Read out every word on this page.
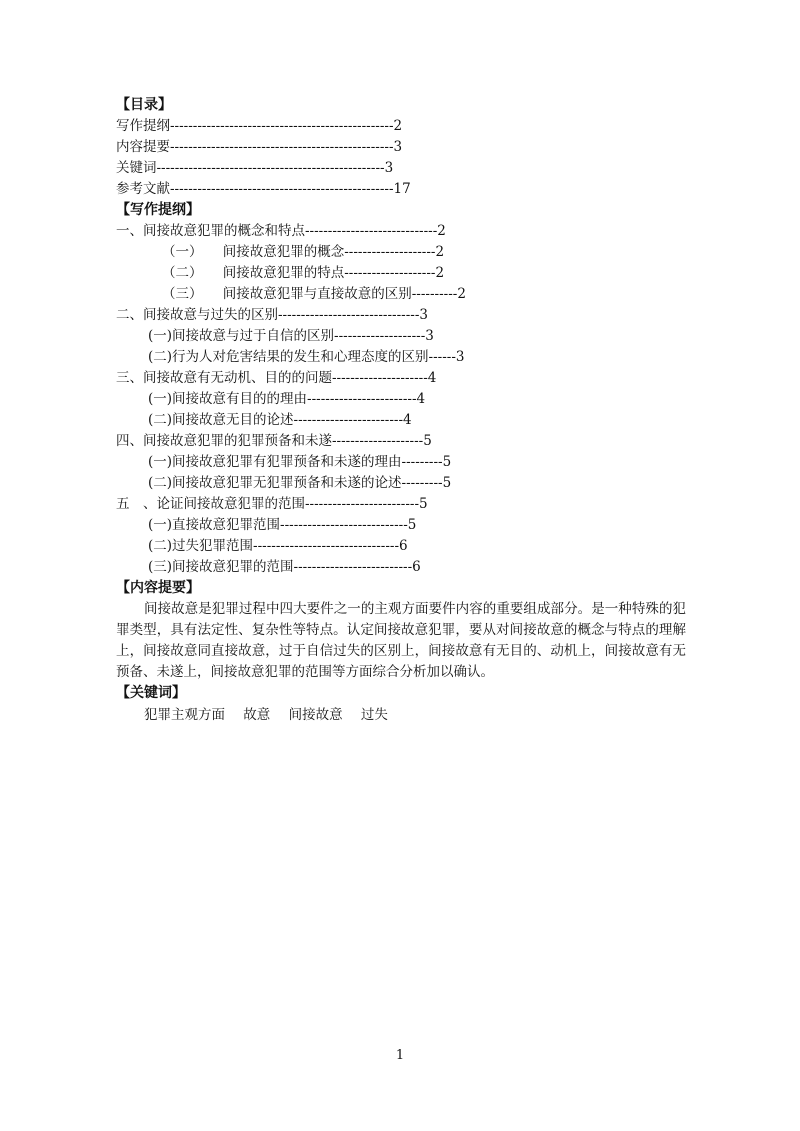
【目录】
写作提纲-------------------------------------------------2
内容提要-------------------------------------------------3
关键词--------------------------------------------------3
参考文献-------------------------------------------------17
【写作提纲】
一、间接故意犯罪的概念和特点-----------------------------2
（一）　　间接故意犯罪的概念--------------------2
（二）　　间接故意犯罪的特点--------------------2
（三）　　间接故意犯罪与直接故意的区别----------2
二、间接故意与过失的区别-------------------------------3
(一)间接故意与过于自信的区别--------------------3
(二)行为人对危害结果的发生和心理态度的区别------3
三、间接故意有无动机、目的的问题---------------------4
(一)间接故意有目的的理由------------------------4
(二)间接故意无目的论述------------------------4
四、间接故意犯罪的犯罪预备和未遂--------------------5
(一)间接故意犯罪有犯罪预备和未遂的理由---------5
(二)间接故意犯罪无犯罪预备和未遂的论述---------5
五　、论证间接故意犯罪的范围-------------------------5
(一)直接故意犯罪范围----------------------------5
(二)过失犯罪范围--------------------------------6
(三)间接故意犯罪的范围--------------------------6
【内容提要】
间接故意是犯罪过程中四大要件之一的主观方面要件内容的重要组成部分。是一种特殊的犯罪类型，具有法定性、复杂性等特点。认定间接故意犯罪，要从对间接故意的概念与特点的理解上，间接故意同直接故意，过于自信过失的区别上，间接故意有无目的、动机上，间接故意有无预备、未遂上，间接故意犯罪的范围等方面综合分析加以确认。
【关键词】
犯罪主观方面 故意 间接故意 过失
1
